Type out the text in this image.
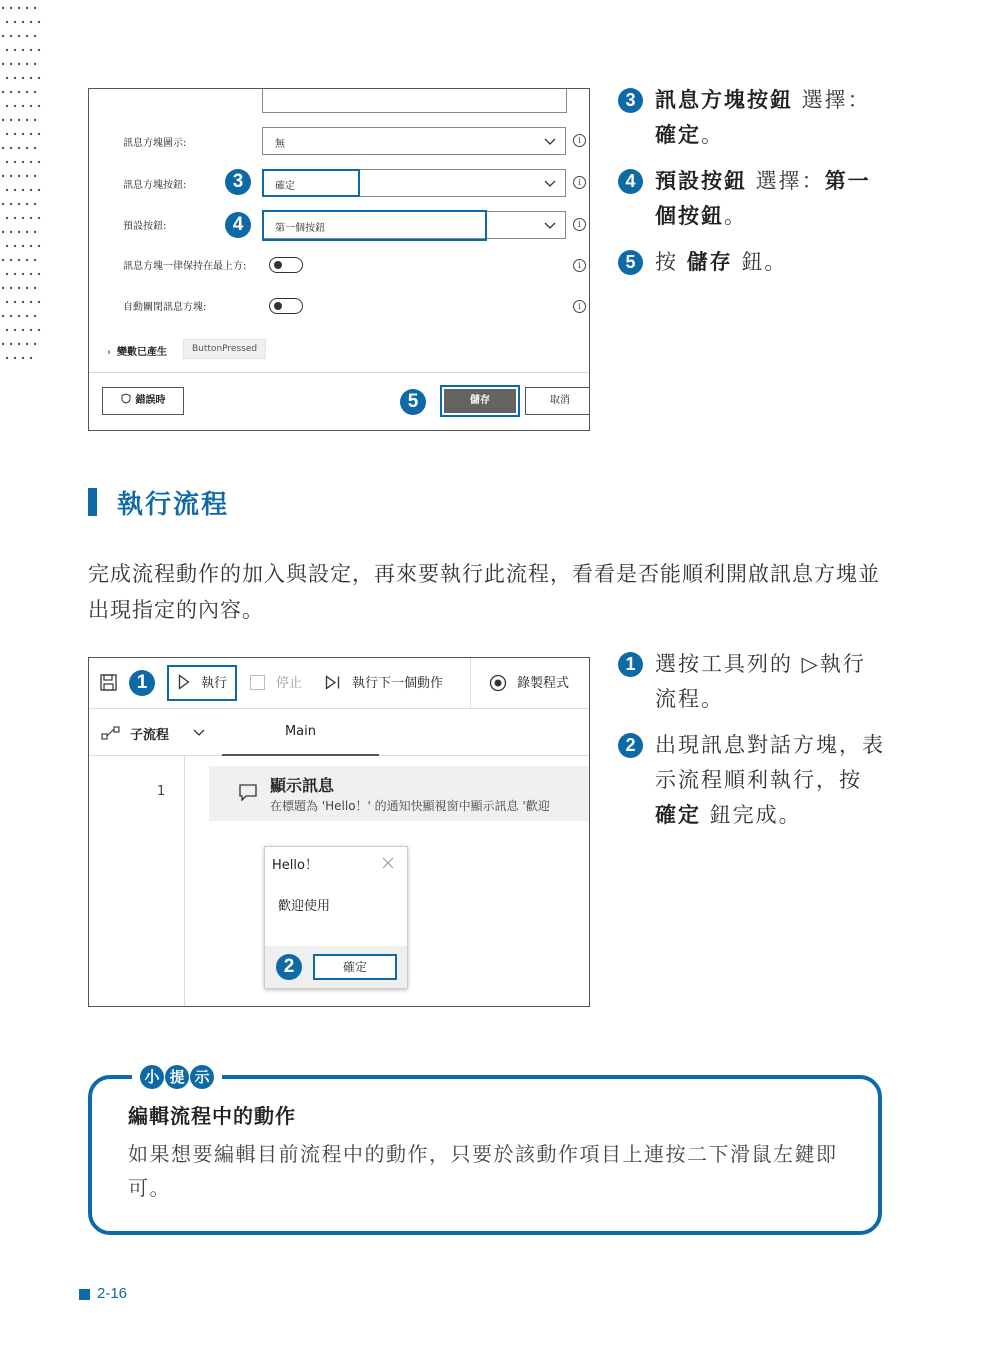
訊息方塊圖示:	無	i
訊息方塊按鈕:	3	確定	i
預設按鈕:	4	第一個按鈕	i
訊息方塊一律保持在最上方:	i
自動關閉訊息方塊:	i
› 變數已產生	ButtonPressed
錯誤時	5	儲存	取消
3 訊息方塊按鈕 選擇：確定。
4 預設按鈕 選擇：第一個按鈕。
5 按 儲存 鈕。
執行流程

完成流程動作的加入與設定，再來要執行此流程，看看是否能順利開啟訊息方塊並出現指定的內容。

1	執行	停止	執行下一個動作	錄製程式
子流程	Main
1	顯示訊息
在標題為 'Hello！' 的通知快顯視窗中顯示訊息 '歡迎
Hello！
歡迎使用
2	確定
1 選按工具列的 ▷執行流程。
2 出現訊息對話方塊，表示流程順利執行，按 確定 鈕完成。
小 提 示
編輯流程中的動作

如果想要編輯目前流程中的動作，只要於該動作項目上連按二下滑鼠左鍵即可。

2-16
